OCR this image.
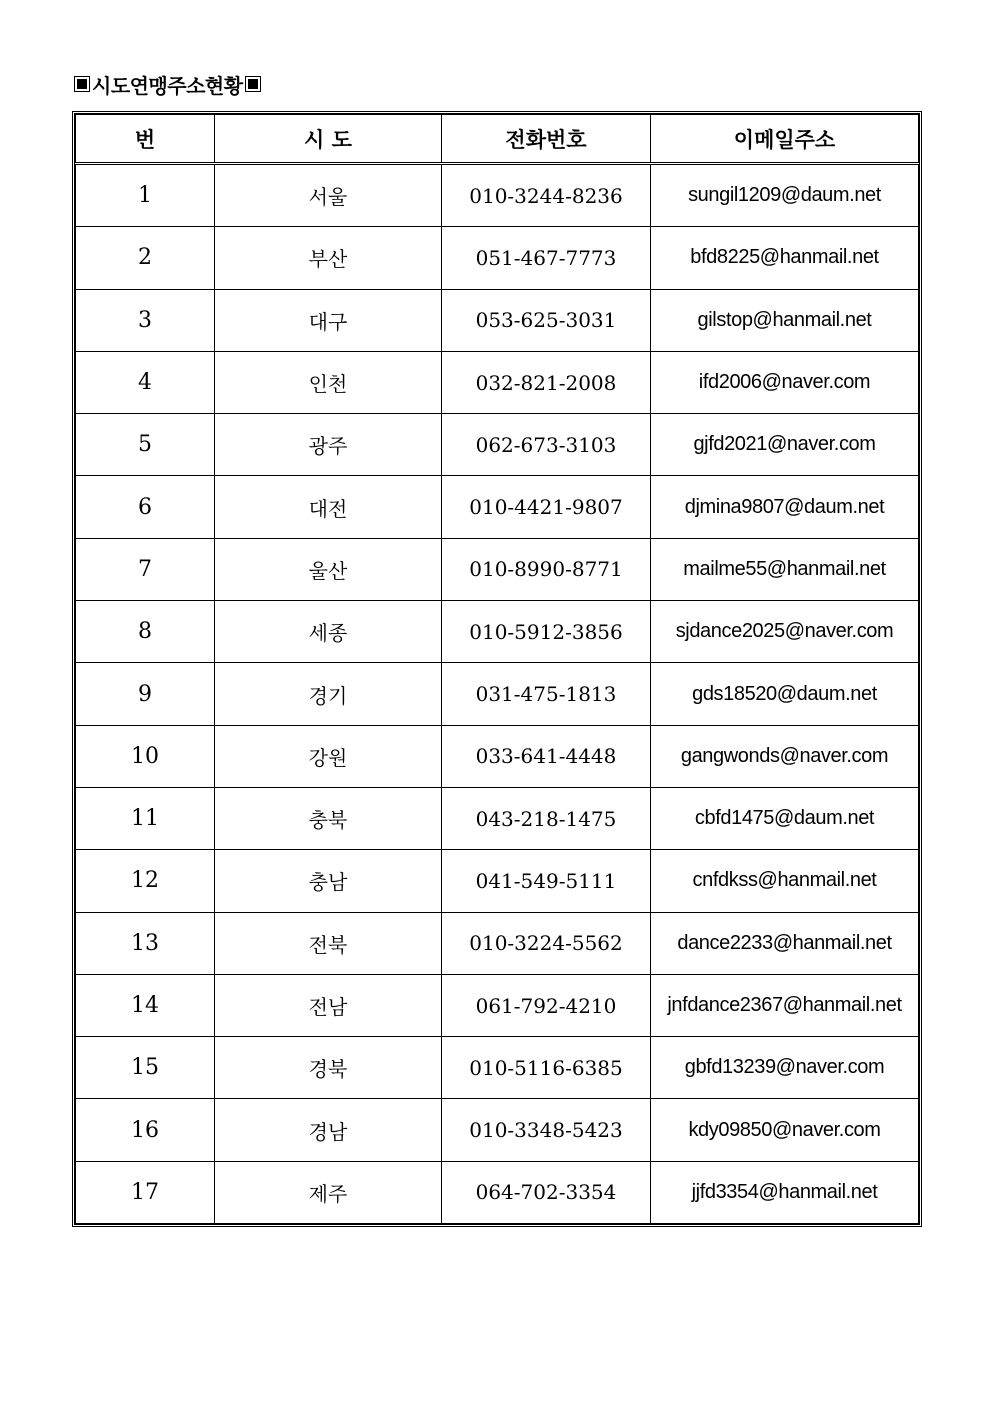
시도연맹주소현황
번	시 도	전화번호	이메일주소
1	서울	010-3244-8236	sungil1209@daum.net
2	부산	051-467-7773	bfd8225@hanmail.net
3	대구	053-625-3031	gilstop@hanmail.net
4	인천	032-821-2008	ifd2006@naver.com
5	광주	062-673-3103	gjfd2021@naver.com
6	대전	010-4421-9807	djmina9807@daum.net
7	울산	010-8990-8771	mailme55@hanmail.net
8	세종	010-5912-3856	sjdance2025@naver.com
9	경기	031-475-1813	gds18520@daum.net
10	강원	033-641-4448	gangwonds@naver.com
11	충북	043-218-1475	cbfd1475@daum.net
12	충남	041-549-5111	cnfdkss@hanmail.net
13	전북	010-3224-5562	dance2233@hanmail.net
14	전남	061-792-4210	jnfdance2367@hanmail.net
15	경북	010-5116-6385	gbfd13239@naver.com
16	경남	010-3348-5423	kdy09850@naver.com
17	제주	064-702-3354	jjfd3354@hanmail.net
